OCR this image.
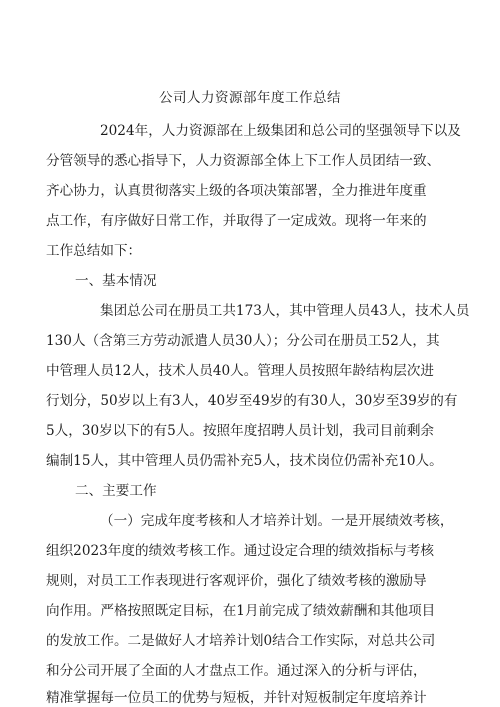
公司人力资源部年度工作总结
2024年，人力资源部在上级集团和总公司的坚强领导下以及
分管领导的悉心指导下，人力资源部全体上下工作人员团结一致、
齐心协力，认真贯彻落实上级的各项决策部署，全力推进年度重
点工作，有序做好日常工作，并取得了一定成效。现将一年来的
工作总结如下：
一、基本情况
集团总公司在册员工共173人，其中管理人员43人，技术人员
130人（含第三方劳动派遣人员30人）；分公司在册员工52人，其
中管理人员12人，技术人员40人。管理人员按照年龄结构层次进
行划分，50岁以上有3人，40岁至49岁的有30人，30岁至39岁的有
5人，30岁以下的有5人。按照年度招聘人员计划，我司目前剩余
编制15人，其中管理人员仍需补充5人，技术岗位仍需补充10人。
二、主要工作
（一）完成年度考核和人才培养计划。一是开展绩效考核，
组织2023年度的绩效考核工作。通过设定合理的绩效指标与考核
规则，对员工工作表现进行客观评价，强化了绩效考核的激励导
向作用。严格按照既定目标，在1月前完成了绩效薪酬和其他项目
的发放工作。二是做好人才培养计划0结合工作实际，对总共公司
和分公司开展了全面的人才盘点工作。通过深入的分析与评估，
精准掌握每一位员工的优势与短板，并针对短板制定年度培养计
